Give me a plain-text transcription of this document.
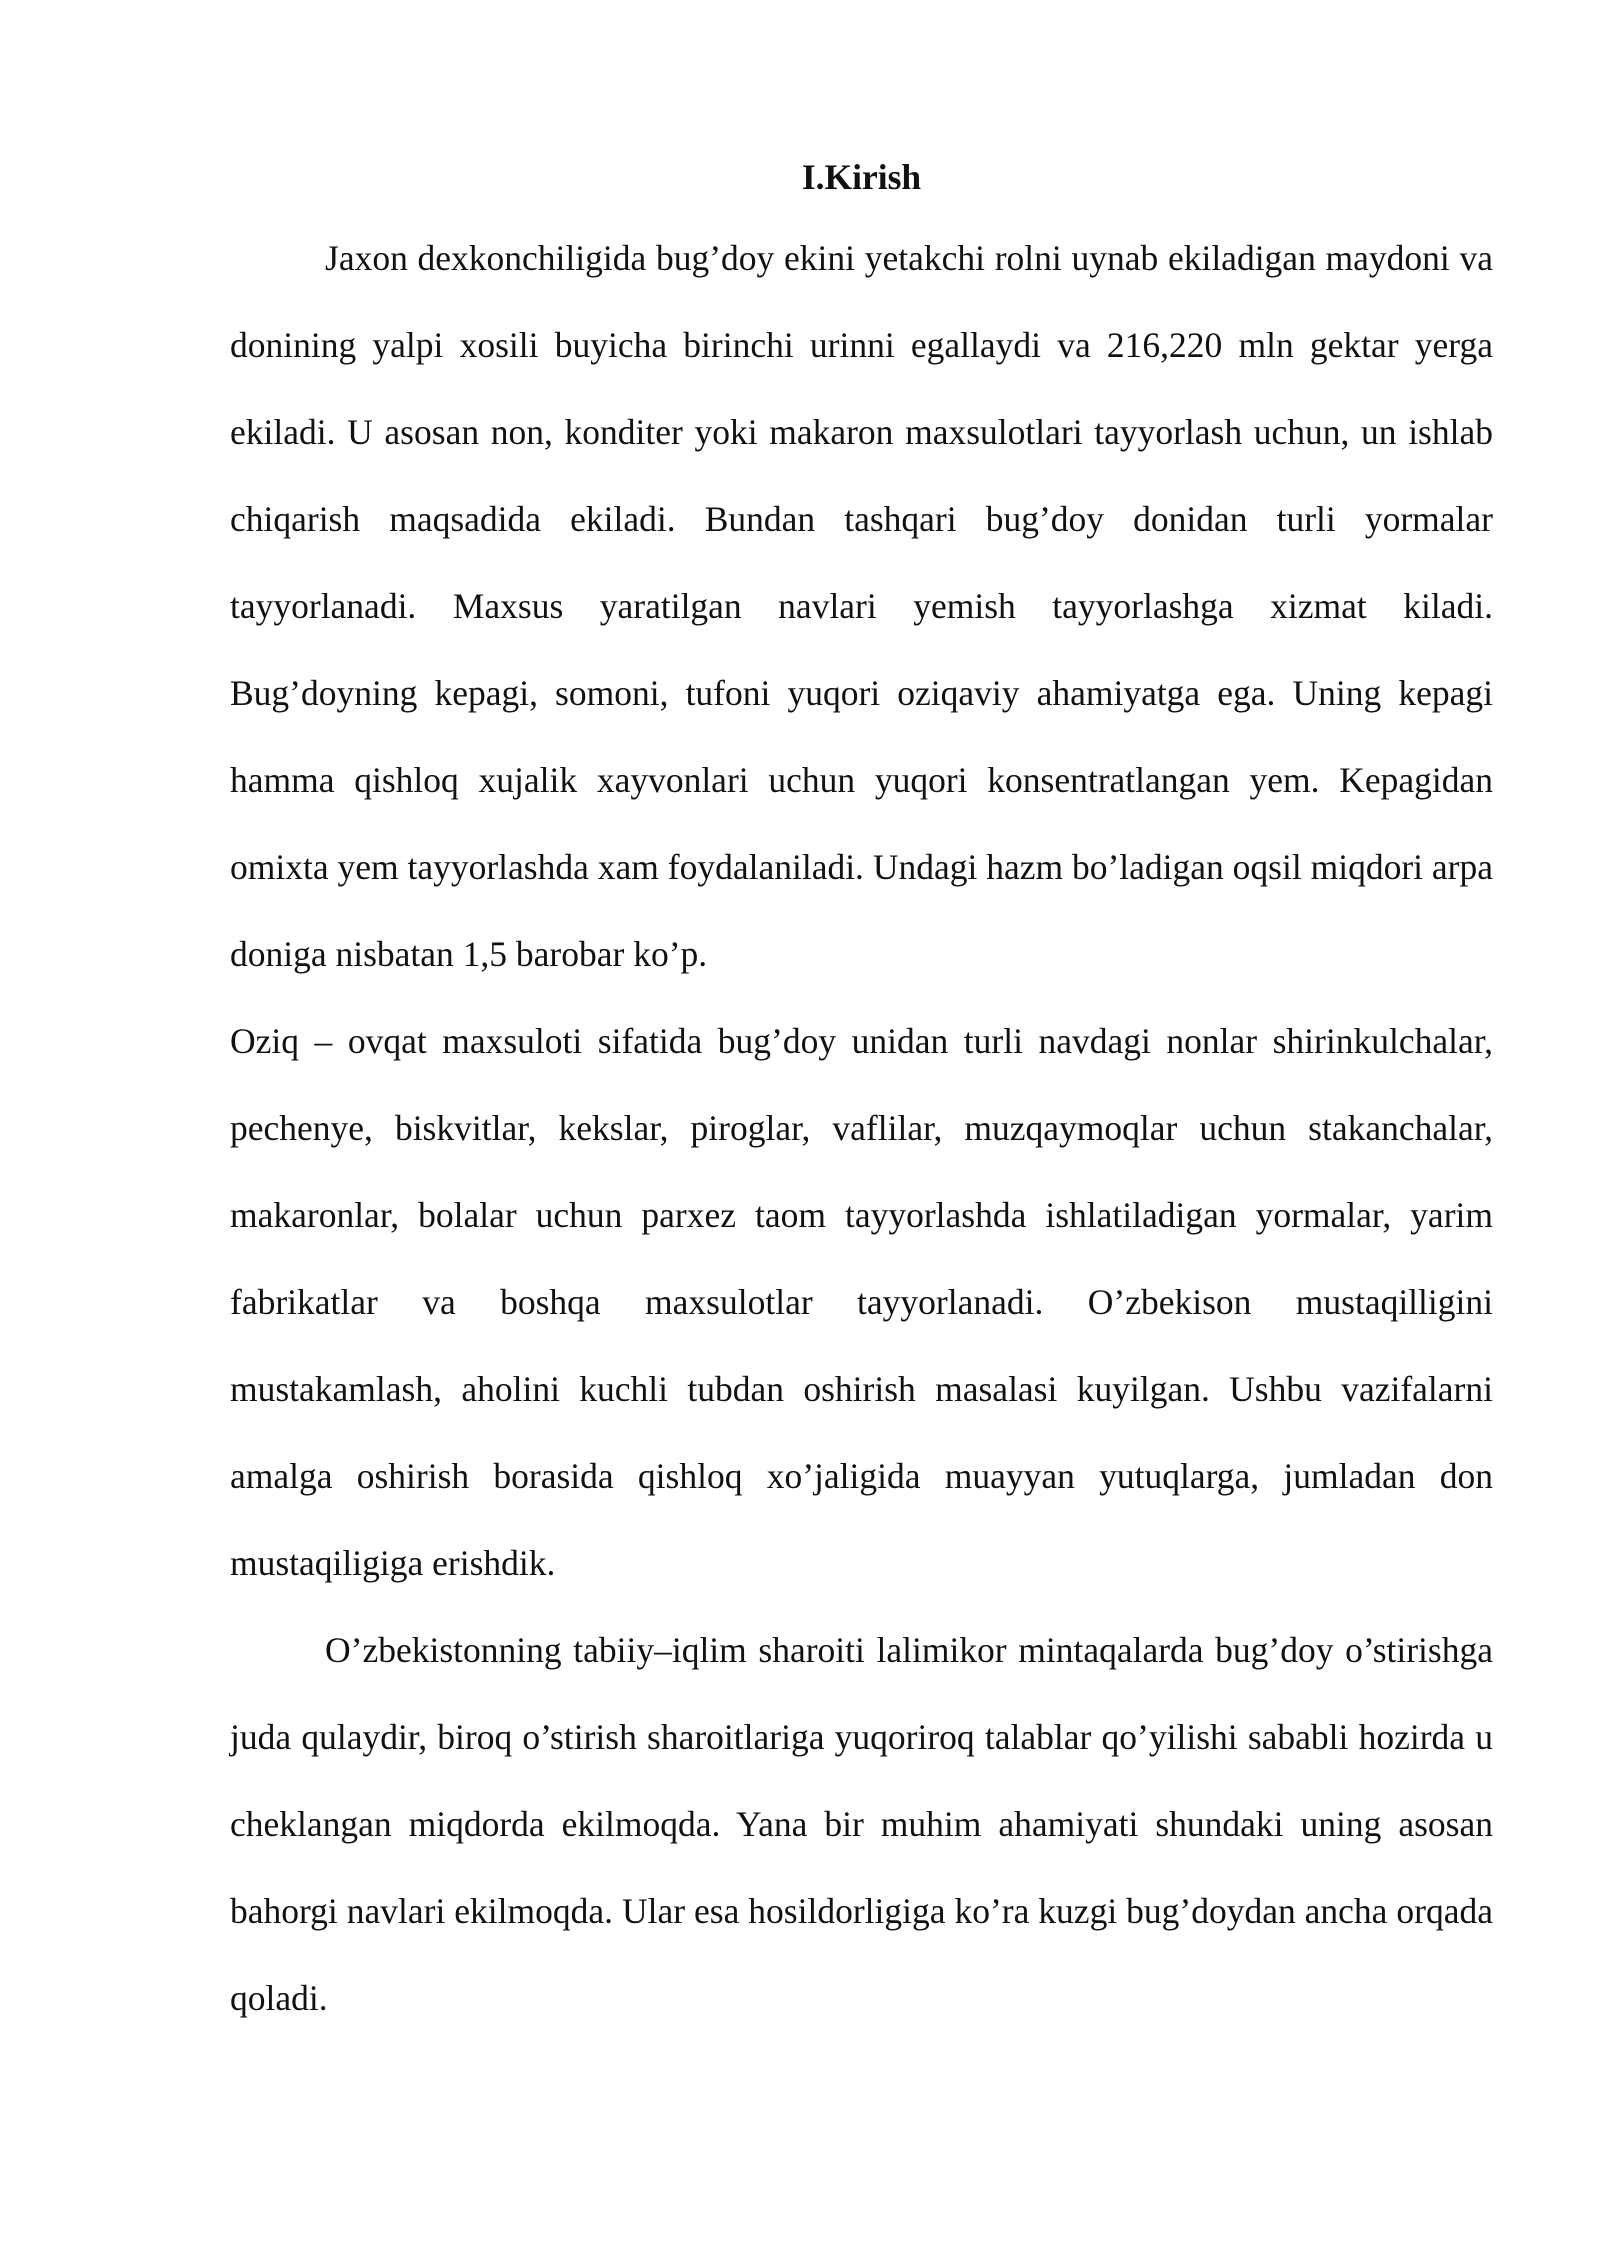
I.Kirish

Jaxon dexkonchiligida bug’doy ekini yetakchi rolni uynab ekiladigan maydoni va donining yalpi xosili buyicha birinchi urinni egallaydi va 216,220 mln gektar yerga ekiladi. U asosan non, konditer yoki makaron maxsulotlari tayyorlash uchun, un ishlab chiqarish maqsadida ekiladi. Bundan tashqari bug’doy donidan turli yormalar tayyorlanadi. Maxsus yaratilgan navlari yemish tayyorlashga xizmat kiladi. Bug’doyning kepagi, somoni, tufoni yuqori oziqaviy ahamiyatga ega. Uning kepagi hamma qishloq xujalik xayvonlari uchun yuqori konsentratlangan yem. Kepagidan omixta yem tayyorlashda xam foydalaniladi. Undagi hazm bo’ladigan oqsil miqdori arpa doniga nisbatan 1,5 barobar ko’p.

Oziq – ovqat maxsuloti sifatida bug’doy unidan turli navdagi nonlar shirinkulchalar, pechenye, biskvitlar, kekslar, piroglar, vaflilar, muzqaymoqlar uchun stakanchalar, makaronlar, bolalar uchun parxez taom tayyorlashda ishlatiladigan yormalar, yarim fabrikatlar va boshqa maxsulotlar tayyorlanadi. O’zbekison mustaqilligini mustakamlash, aholini kuchli tubdan oshirish masalasi kuyilgan. Ushbu vazifalarni amalga oshirish borasida qishloq xo’jaligida muayyan yutuqlarga, jumladan don mustaqiligiga erishdik.

O’zbekistonning tabiiy–iqlim sharoiti lalimikor mintaqalarda bug’doy o’stirishga juda qulaydir, biroq o’stirish sharoitlariga yuqoriroq talablar qo’yilishi sababli hozirda u cheklangan miqdorda ekilmoqda. Yana bir muhim ahamiyati shundaki uning asosan bahorgi navlari ekilmoqda. Ular esa hosildorligiga ko’ra kuzgi bug’doydan ancha orqada qoladi.
